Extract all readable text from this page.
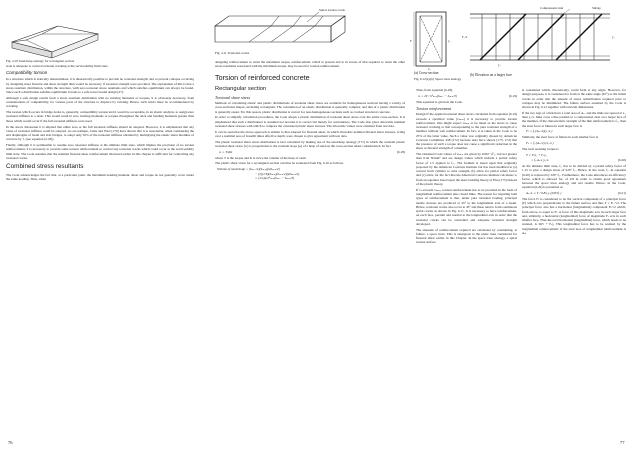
Fig. 4.10 Sand-heap analogy for rectangular section

state is adequate to control torsional cracking at the serviceability limit state.

Compatibility torsion

In a structure which is statically indeterminate, it is theoretically possible to provide no torsional strength, and to prevent collapse occurring by designing more flexural and shear strength than would be necessary if torsional strength were provided. The explanation of this is that a stress resultant distribution, within the structure, with zero torsional stress resultants and which satisfies equilibrium can always be found. Since such a distribution satisfies equilibrium it leads to a safe lower bound design [27].

Although a safe design results from a stress resultant distribution with no twisting moments or torques, it is obviously necessary, from considerations of compatibility, for various parts of the structure to displace by twisting. Hence, such twists must be accommodated by cracking.

The torsion which occurs in bridge decks is, generally, compatibility torsion and it would be acceptable, in an elastic analysis, to assign zero torsional stiffness to a deck. This would result in zero twisting moments or torques throughout the deck and bending moments greater than those which would occur if the full torsional stiffness were used.

In the above discussion it is implied that either zero or the full torsional stiffness should be adopted. However, it is emphasized that any value of torsional stiffness could be adopted. As an example, Clark and West [170] have shown that it is reasonable, when considering the end diaphragms of beam and slab bridges, to adopt only 50% of the torsional stiffness obtained by multiplying the elastic shear modulus of concrete by J₁ (see equation (2.43)).

Finally, although it is permissible to assume zero torsional stiffness at the ultimate limit state, which implies the provision of no torsion reinforcement, it is necessary to provide some torsion reinforcement to control any torsional cracks which could occur at the serviceability limit state. The Code assumes that the nominal flexural shear reinforcement discussed earlier in this chapter is sufficient for controlling any torsional cracks.

Combined stress resultants

The Code acknowledges the fact that, at a particular point, the maximum bending moment, shear and torque do not generally occur under the same loading. Thus, when

76
Spiral torsion crack
Fig. 4.11 Torsional cracks

designing reinforcement to resist the maximum torque, reinforcement, which is present and is in excess of that required to resist the other stress resultants associated with the maximum torque, may be used for torsion reinforcement.

Torsion of reinforced concrete
Rectangular section
Torsional shear stress

Methods of calculating elastic and plastic distributions of torsional shear stress are available for homogeneous sections having a variety of cross-sectional shapes, including rectangular. The calculation of an elastic distribution is generally complex, and that of a plastic distribution is generally easier. For this reason, plastic distribution is correct for non-homogeneous sections such as cracked structural concrete.

In order to simplify calculation procedures, the Code adopts a plastic distribution of torsional shear stress over the entire cross-section. It is emphasized that such a distribution is assumed not because it is correct but merely for convenience. The Code also gives allowable nominal torsional shear stresses with which to compare the calculated plastic shear stresses. The allowable values were obtained from test data.

It can be seen that the above approach is similar to that adopted for flexural shear, in which allowable nominal flexural shear stresses, acting over a nominal area of breadth times effective depth, were chosen to give agreement with test data.

The plastic torsional shear stress distribution is best calculated by making use of the sand-heap analogy [171] in which the constant plastic torsional shear stress (vₜ) is proportional to the constant slope (φ) of a heap of sand on the cross-section under consideration. In fact

vₜ = T/ψK	(6.18)

where T is the torque and K is twice the volume of the heap of sand.

The plastic shear stress for a rectangular section can thus be evaluated from Fig. 6.10 as follows

Volume of sand-heap = (hₘₐₓ/2)(hₘᵢₙ)(ψhₘᵢₙ/2)
− (2)(1/6)(hₘᵢₙ)(hₘᵢₙ/2)(ψhₘᵢₙ/2)
= (1/4)ψ h²ₘᵢₙ(hₘₐₓ − hₘᵢₙ/3)
F	y₁
x₁
Compression strut	Stirrup
F₁/2	y₁
y₁
(b) Elevation on a larger face
(a) Cross-section
Fig. 6.12(a),(b) Space truss analogy

Thus, from equation (6.18),

vₜ = 2T / h²ₘᵢₙ(hₘₐₓ − hₘᵢₙ/3)	(6.19)

This equation is given in the Code.

Torsion reinforcement

Design If the applied torsional shear stress calculated from equation (6.19) exceeds a specified value (vₜₘᵢₙ) it is necessary to provide torsion reinforcement. One might expect vₜₘᵢₙ to be taken as the stress to cause torsional cracking or that corresponding to the pure torsional strength of a member without web reinforcement. In fact, it is taken in the Code to be 25% of the latter value. Such a value was originally chosen by American Concrete Committee 438 [172] because tests have shown [173, 174] that the presence of such a torque does not cause a significant reduction in the shear or flexural strength of a member.

The tabulated Code values of vₜₘᵢₙ are given by 0.067 √f′꜀ᵤ but not greater than 0.42 N/mm² and are design values which include a partial safety factor of 1.5 applied to f꜀ᵤ. The formula is based upon that originally proposed by the American Concrete Institute but has been modified to (a) convert from cylinder to cube strength, (b) allow for partial safety factor and (c) allow for the fact that the American Concrete Institute calculates vₜ from an equation based upon the skew bending theory of Hsu [175] instead of the plastic theory.

If vₜ exceeds vₜₘᵢₙ, torsion reinforcement has to be provided in the form of longitudinal reinforcement plus closed links. The reason for requiring both types of reinforcement is that, under pure torsional loading, principal tensile stresses are produced at 45° to the longitudinal axis of a beam. Hence, torsional cracks also occur at 45° and these tend to form continuous spiral cracks as shown in Fig. 6.11. It is necessary to have reinforcement, on each face, parallel and normal to the longitudinal axis in order that the torsional cracks can be controlled and adequate torsional strength developed.

The amounts of reinforcement required are calculated by considering, at failure, a space truss. This is analogous to the plane truss considered for flexural shear earlier in this Chapter. In the space truss analogy, a spiral torsion surface

is considered which, theoretically, could form at any angle. However, for design purposes, it is considered to form at the same angle (45°) as the initial cracks in order that the amount of stress redistribution required prior to collapse may be minimized. The failure surface assumed by the Code is shown in Fig. 6.12 together with relevant dimensions.

If the two legs of a link have a total area of Aₛᵥ and the links are spaced at sᵥ, then y₁/sᵥ links cross a line parallel to a compression strut on a larger face of the member. If the characteristic strength of the link reinforcement is fᵧᵥ, then the steel force at failure in each larger face is

Fₗ = fᵧᵥ(Aₛᵥ/2)(y₁/sᵥ)

Similarly, the steel force at failure in each smaller face is

Fₛ = fᵧᵥ(Aₛᵥ/2) (x₁/sᵥ)

The total resisting torque is

T = Fₗx₁ + Fₛy₁
= fᵧᵥAₛᵥx₁y₁/sᵥ	(6.20)

At the ultimate limit state, fᵧᵥ has to be divided by a partial safety factor of 1.15 to give a design stress of 0.87 fᵧᵥ. Hence, in the code, fᵧᵥ in equation (6.20) is replaced by 0.87 fᵧᵥ. Furthermore, the Code introduces an efficiency factor, which is allowed for, of 0.8 in order to obtain good agreement between the space truss analogy and test results. Hence, in the Code, equation (6.20) is presented as

Aₛᵥ/sᵥ ≥ T / 0.8x₁y₁(0.87fᵧᵥ)	(6.21)

The force Fₗ is considered to be the vertical component of a principal force (F) which acts perpendicular to the failure surface and thus F = Fₗ /√2. The principal force also has a horizontal (longitudinal) component Fₗ/√2 which, from above, is equal to Fₗ. A force of this magnitude acts in each larger face and, similarly, a horizontal (longitudinal) force of magnitude Fₛ acts in each smaller face. Thus the total horizontal (longitudinal) force, which needs to be resisted, is 2(Fₗ + Fₛ). This longitudinal force has to be resisted by the longitudinal reinforcement: if the total area of longitudinal reinforcement is Aₛₗ

77
